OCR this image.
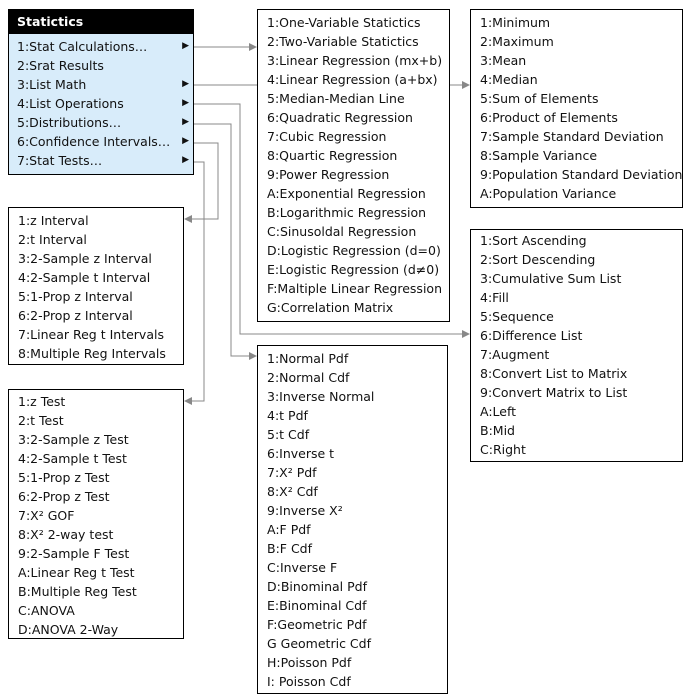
Statictics
1:Stat Calculations…	▶
2:Srat Results
3:List Math	▶
4:List Operations	▶
5:Distributions…	▶
6:Confidence Intervals… ▶
7:Stat Tests…	▶
1:One-Variable Statictics
2:Two-Variable Statictics
3:Linear Regression (mx+b)
4:Linear Regression (a+bx)
5:Median-Median Line
6:Quadratic Regression
7:Cubic Regression
8:Quartic Regression
9:Power Regression
A:Exponential Regression
B:Logarithmic Regression
C:Sinusoldal Regression
D:Logistic Regression (d=0)
E:Logistic Regression (d≠0)
F:Maltiple Linear Regression
G:Correlation Matrix
1:Minimum
2:Maximum
3:Mean
4:Median
5:Sum of Elements
6:Product of Elements
7:Sample Standard Deviation
8:Sample Variance
9:Population Standard Deviation
A:Population Variance
1:Sort Ascending
2:Sort Descending
3:Cumulative Sum List
4:Fill
5:Sequence
6:Difference List
7:Augment
8:Convert List to Matrix
9:Convert Matrix to List
A:Left
B:Mid
C:Right
1:z Interval
2:t Interval
3:2-Sample z Interval
4:2-Sample t Interval
5:1-Prop z Interval
6:2-Prop z Interval
7:Linear Reg t Intervals
8:Multiple Reg Intervals
1:z Test
2:t Test
3:2-Sample z Test
4:2-Sample t Test
5:1-Prop z Test
6:2-Prop z Test
7:X² GOF
8:X² 2-way test
9:2-Sample F Test
A:Linear Reg t Test
B:Multiple Reg Test
C:ANOVA
D:ANOVA 2-Way
1:Normal Pdf
2:Normal Cdf
3:Inverse Normal
4:t Pdf
5:t Cdf
6:Inverse t
7:X² Pdf
8:X² Cdf
9:Inverse X²
A:F Pdf
B:F Cdf
C:Inverse F
D:Binominal Pdf
E:Binominal Cdf
F:Geometric Pdf
G Geometric Cdf
H:Poisson Pdf
I: Poisson Cdf
